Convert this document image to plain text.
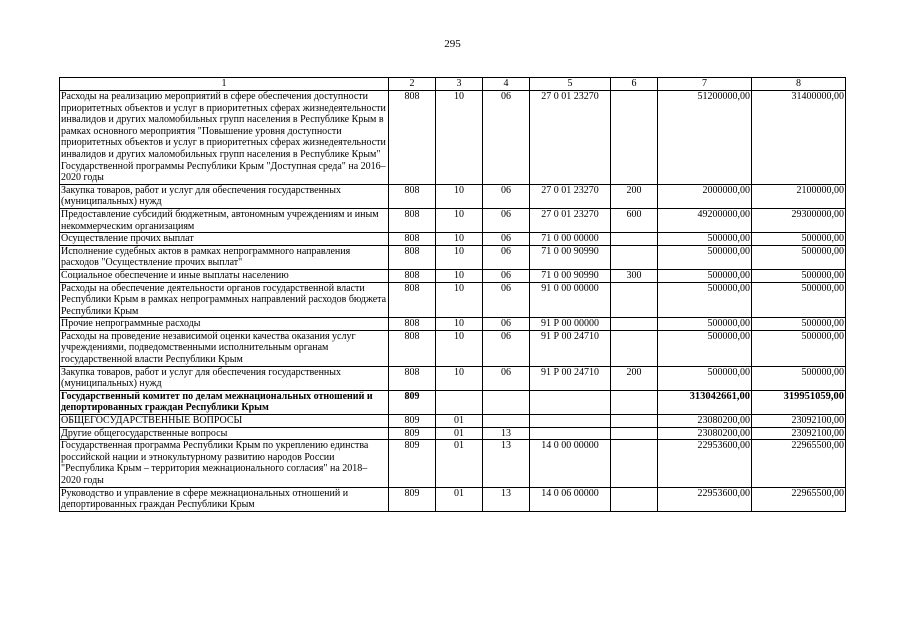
295
1	2	3	4	5	6	7	8
Расходы на реализацию мероприятий в сфере обеспечения доступности приоритетных объектов и услуг в приоритетных сферах жизнедеятельности инвалидов и других маломобильных групп населения в Республике Крым в рамках основного мероприятия "Повышение уровня доступности приоритетных объектов и услуг в приоритетных сферах жизнедеятельности инвалидов и других маломобильных групп населения в Республике Крым" Государственной программы Республики Крым "Доступная среда" на 2016–2020 годы	808	10	06	27 0 01 23270		51200000,00	31400000,00
Закупка товаров, работ и услуг для обеспечения государственных (муниципальных) нужд	808	10	06	27 0 01 23270	200	2000000,00	2100000,00
Предоставление субсидий бюджетным, автономным учреждениям и иным некоммерческим организациям	808	10	06	27 0 01 23270	600	49200000,00	29300000,00
Осуществление прочих выплат	808	10	06	71 0 00 00000		500000,00	500000,00
Исполнение судебных актов в рамках непрограммного направления расходов "Осуществление прочих выплат"	808	10	06	71 0 00 90990		500000,00	500000,00
Социальное обеспечение и иные выплаты населению	808	10	06	71 0 00 90990	300	500000,00	500000,00
Расходы на обеспечение деятельности органов государственной власти Республики Крым в рамках непрограммных направлений расходов бюджета Республики Крым	808	10	06	91 0 00 00000		500000,00	500000,00
Прочие непрограммные расходы	808	10	06	91 Р 00 00000		500000,00	500000,00
Расходы на проведение независимой оценки качества оказания услуг учреждениями, подведомственными исполнительным органам государственной власти Республики Крым	808	10	06	91 Р 00 24710		500000,00	500000,00
Закупка товаров, работ и услуг для обеспечения государственных (муниципальных) нужд	808	10	06	91 Р 00 24710	200	500000,00	500000,00
Государственный комитет по делам межнациональных отношений и депортированных граждан Республики Крым	809					313042661,00	319951059,00
ОБЩЕГОСУДАРСТВЕННЫЕ ВОПРОСЫ	809	01				23080200,00	23092100,00
Другие общегосударственные вопросы	809	01	13			23080200,00	23092100,00
Государственная программа Республики Крым по укреплению единства российской нации и этнокультурному развитию народов России "Республика Крым – территория межнационального согласия" на 2018–2020 годы	809	01	13	14 0 00 00000		22953600,00	22965500,00
Руководство и управление в сфере межнациональных отношений и депортированных граждан Республики Крым	809	01	13	14 0 06 00000		22953600,00	22965500,00
